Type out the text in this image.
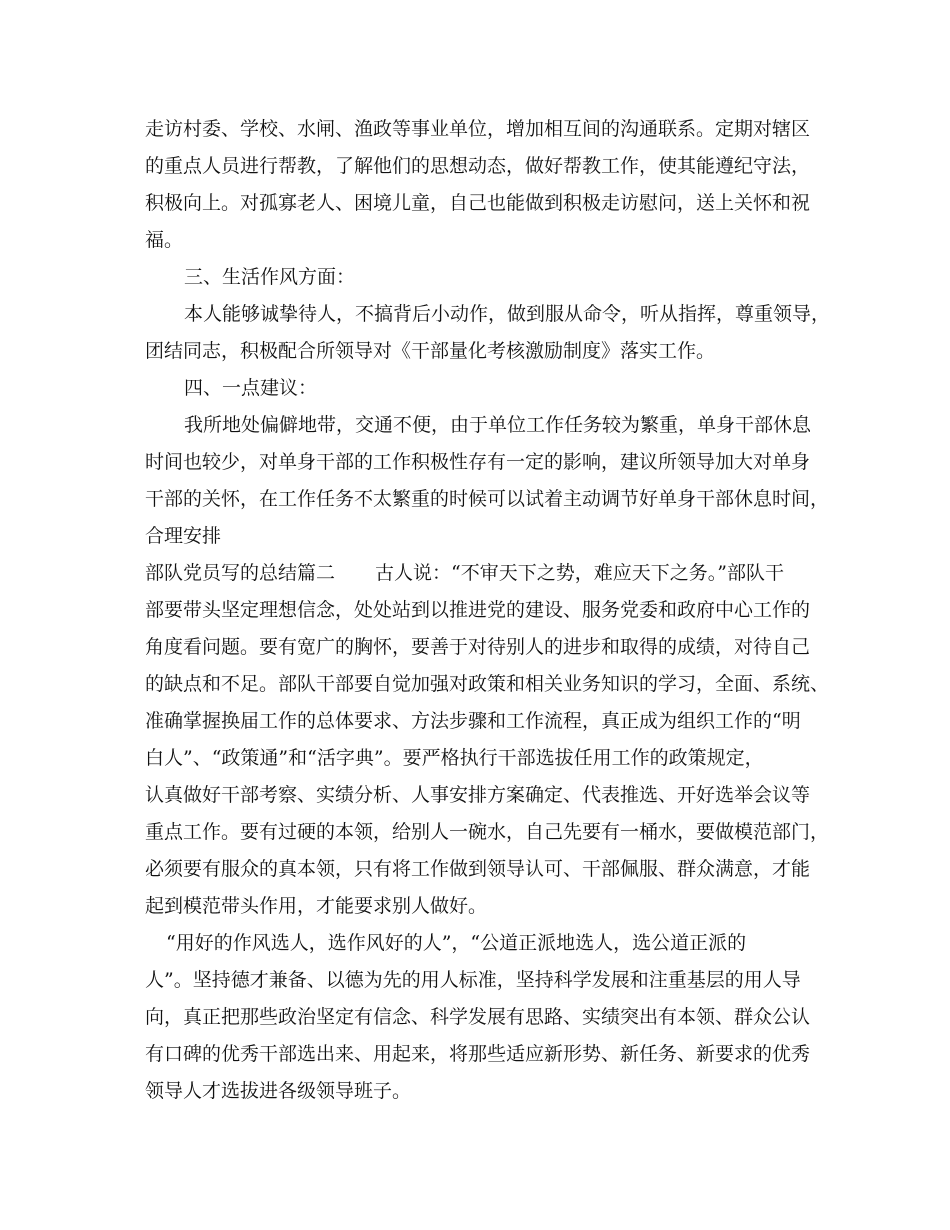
走访村委、学校、水闸、渔政等事业单位，增加相互间的沟通联系。定期对辖区
的重点人员进行帮教，了解他们的思想动态，做好帮教工作，使其能遵纪守法，
积极向上。对孤寡老人、困境儿童，自己也能做到积极走访慰问，送上关怀和祝
福。
三、生活作风方面：
本人能够诚挚待人，不搞背后小动作，做到服从命令，听从指挥，尊重领导，
团结同志，积极配合所领导对《干部量化考核激励制度》落实工作。
四、一点建议：
我所地处偏僻地带，交通不便，由于单位工作任务较为繁重，单身干部休息
时间也较少，对单身干部的工作积极性存有一定的影响，建议所领导加大对单身
干部的关怀，在工作任务不太繁重的时候可以试着主动调节好单身干部休息时间，
合理安排
部队党员写的总结篇二 古人说：“不审天下之势，难应天下之务。”部队干
部要带头坚定理想信念，处处站到以推进党的建设、服务党委和政府中心工作的
角度看问题。要有宽广的胸怀，要善于对待别人的进步和取得的成绩，对待自己
的缺点和不足。部队干部要自觉加强对政策和相关业务知识的学习，全面、系统、
准确掌握换届工作的总体要求、方法步骤和工作流程，真正成为组织工作的“明
白人”、“政策通”和“活字典”。要严格执行干部选拔任用工作的政策规定，
认真做好干部考察、实绩分析、人事安排方案确定、代表推选、开好选举会议等
重点工作。要有过硬的本领，给别人一碗水，自己先要有一桶水，要做模范部门，
必须要有服众的真本领，只有将工作做到领导认可、干部佩服、群众满意，才能
起到模范带头作用，才能要求别人做好。
“用好的作风选人，选作风好的人”，“公道正派地选人，选公道正派的
人”。坚持德才兼备、以德为先的用人标准，坚持科学发展和注重基层的用人导
向，真正把那些政治坚定有信念、科学发展有思路、实绩突出有本领、群众公认
有口碑的优秀干部选出来、用起来，将那些适应新形势、新任务、新要求的优秀
领导人才选拔进各级领导班子。
